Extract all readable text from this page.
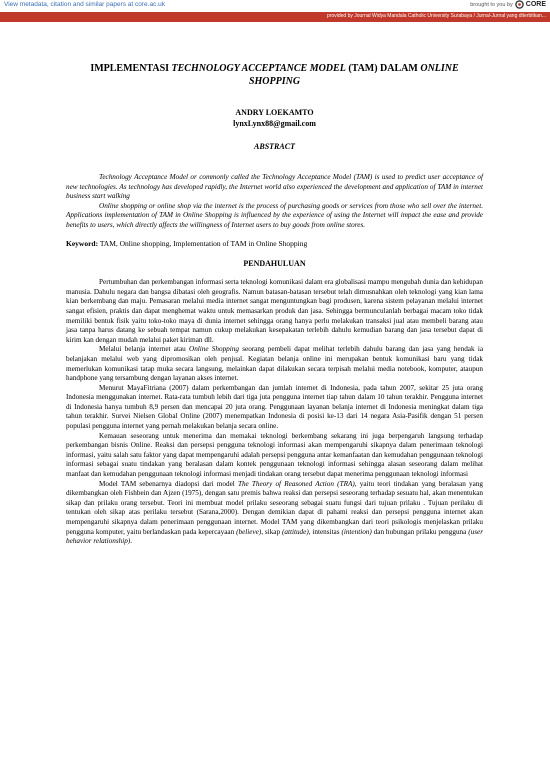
View metadata, citation and similar papers at core.ac.uk	brought to you by CORE
provided by Journal Widya Mandala Catholic University Surabaya / Jurnal-Jurnal yang diterbitkan...
IMPLEMENTASI TECHNOLOGY ACCEPTANCE MODEL (TAM) DALAM ONLINE SHOPPING
ANDRY LOEKAMTO
lynxLynx88@gmail.com
ABSTRACT

Technology Acceptance Model or commonly called the Technology Acceptance Model (TAM) is used to predict user acceptance of new technologies. As technology has developed rapidly, the Internet world also experienced the development and application of TAM in internet business start walking

Online shopping or online shop via the internet is the process of purchasing goods or services from those who sell over the internet. Applications implementation of TAM in Online Shopping is influenced by the experience of using the Internet will impact the ease and provide benefits to users, which directly affects the willingness of Internet users to buy goods from online stores.

Keyword: TAM, Online shopping, Implementation of TAM in Online Shopping

PENDAHULUAN

Pertumbuhan dan perkembangan informasi serta teknologi komunikasi dalam era globalisasi mampu mengubah dunia dan kehidupan manusia. Dahulu negara dan bangsa dibatasi oleh geografis. Namun batasan-batasan tersebut telah dimusnahkan oleh teknologi yang kian lama kian berkembang dan maju. Pemasaran melalui media internet sangat menguntungkan bagi produsen, karena sistem pelayanan melalui internet sangat efisien, praktis dan dapat menghemat waktu untuk memasarkan produk dan jasa. Sehingga bermunculanlah berbagai macam toko tidak memiliki bentuk fisik yaitu toko-toko maya di dunia internet sehingga orang hanya perlu melakukan transaksi jual atau membeli barang atau jasa tanpa harus datang ke sebuah tempat namun cukup melakukan kesepakatan terlebih dahulu kemudian barang dan jasa tersebut dapat di kirim kan dengan mudah melalui paket kiriman dll.

Melalui belanja internet atau Online Shopping seorang pembeli dapat melihat terlebih dahulu barang dan jasa yang hendak ia belanjakan melalui web yang dipromosikan oleh penjual. Kegiatan belanja online ini merupakan bentuk komunikasi baru yang tidak memerlukan komunikasi tatap muka secara langsung, melainkan dapat dilakukan secara terpisah melalui media notebook, komputer, ataupun handphone yang tersambung dengan layanan akses internet.

Menurut MayaFitriana (2007) dalam perkembangan dan jumlah internet di Indonesia, pada tahun 2007, sekitar 25 juta orang Indonesia menggunakan internet. Rata-rata tumbuh lebih dari tiga juta pengguna internet tiap tahun dalam 10 tahun terakhir. Pengguna internet di Indonesia hanya tumbuh 8,9 persen dan mencapai 20 juta orang. Penggunaan layanan belanja internet di Indonesia meningkat dalam tiga tahun terakhir. Survei Nielsen Global Online (2007) menempatkan Indonesia di posisi ke-13 dari 14 negara Asia-Pasifik dengan 51 persen populasi pengguna internet yang pernah melakukan belanja secara online.

Kemauan seseorang untuk menerima dan memakai teknologi berkembang sekarang ini juga berpengaruh langsung terhadap perkembangan bisnis Online. Reaksi dan persepsi pengguna teknologi informasi akan mempengaruhi sikapnya dalam penerimaan teknologi informasi, yaitu salah satu faktor yang dapat mempengaruhi adalah persepsi pengguna antar kemanfaatan dan kemudahan penggunaan teknologi informasi sebagai suatu tindakan yang beralasan dalam kontek penggunaan teknologi informasi sehingga alasan seseorang dalam melihat manfaat dan kemudahan penggunaan teknologi informasi menjadi tindakan orang tersebut dapat menerima penggunaan teknologi informasi

Model TAM sebenarnya diadopsi dari model The Theory of Reasoned Action (TRA), yaitu teori tindakan yang beralasan yang dikembangkan oleh Fishbein dan Ajzen (1975), dengan satu premis bahwa reaksi dan persepsi seseorang terhadap sesuatu hal, akan menentukan sikap dan prilaku orang tersebut. Teori ini membuat model prilaku seseorang sebagai suatu fungsi dari tujuan prilaku . Tujuan perilaku di tentukan oleh sikap atas perilaku tersebut (Sarana,2000). Dengan demikian dapat di pahami reaksi dan persepsi pengguna internet akan mempengaruhi sikapnya dalam penerimaan penggunaan internet. Model TAM yang dikembangkan dari teori psikologis menjelaskan prilaku pengguna komputer, yaitu berlandaskan pada kepercayaan (believe), sikap (attitude), intensitas (intention) dan hubungan prilaku pengguna (user behavior relationship).
